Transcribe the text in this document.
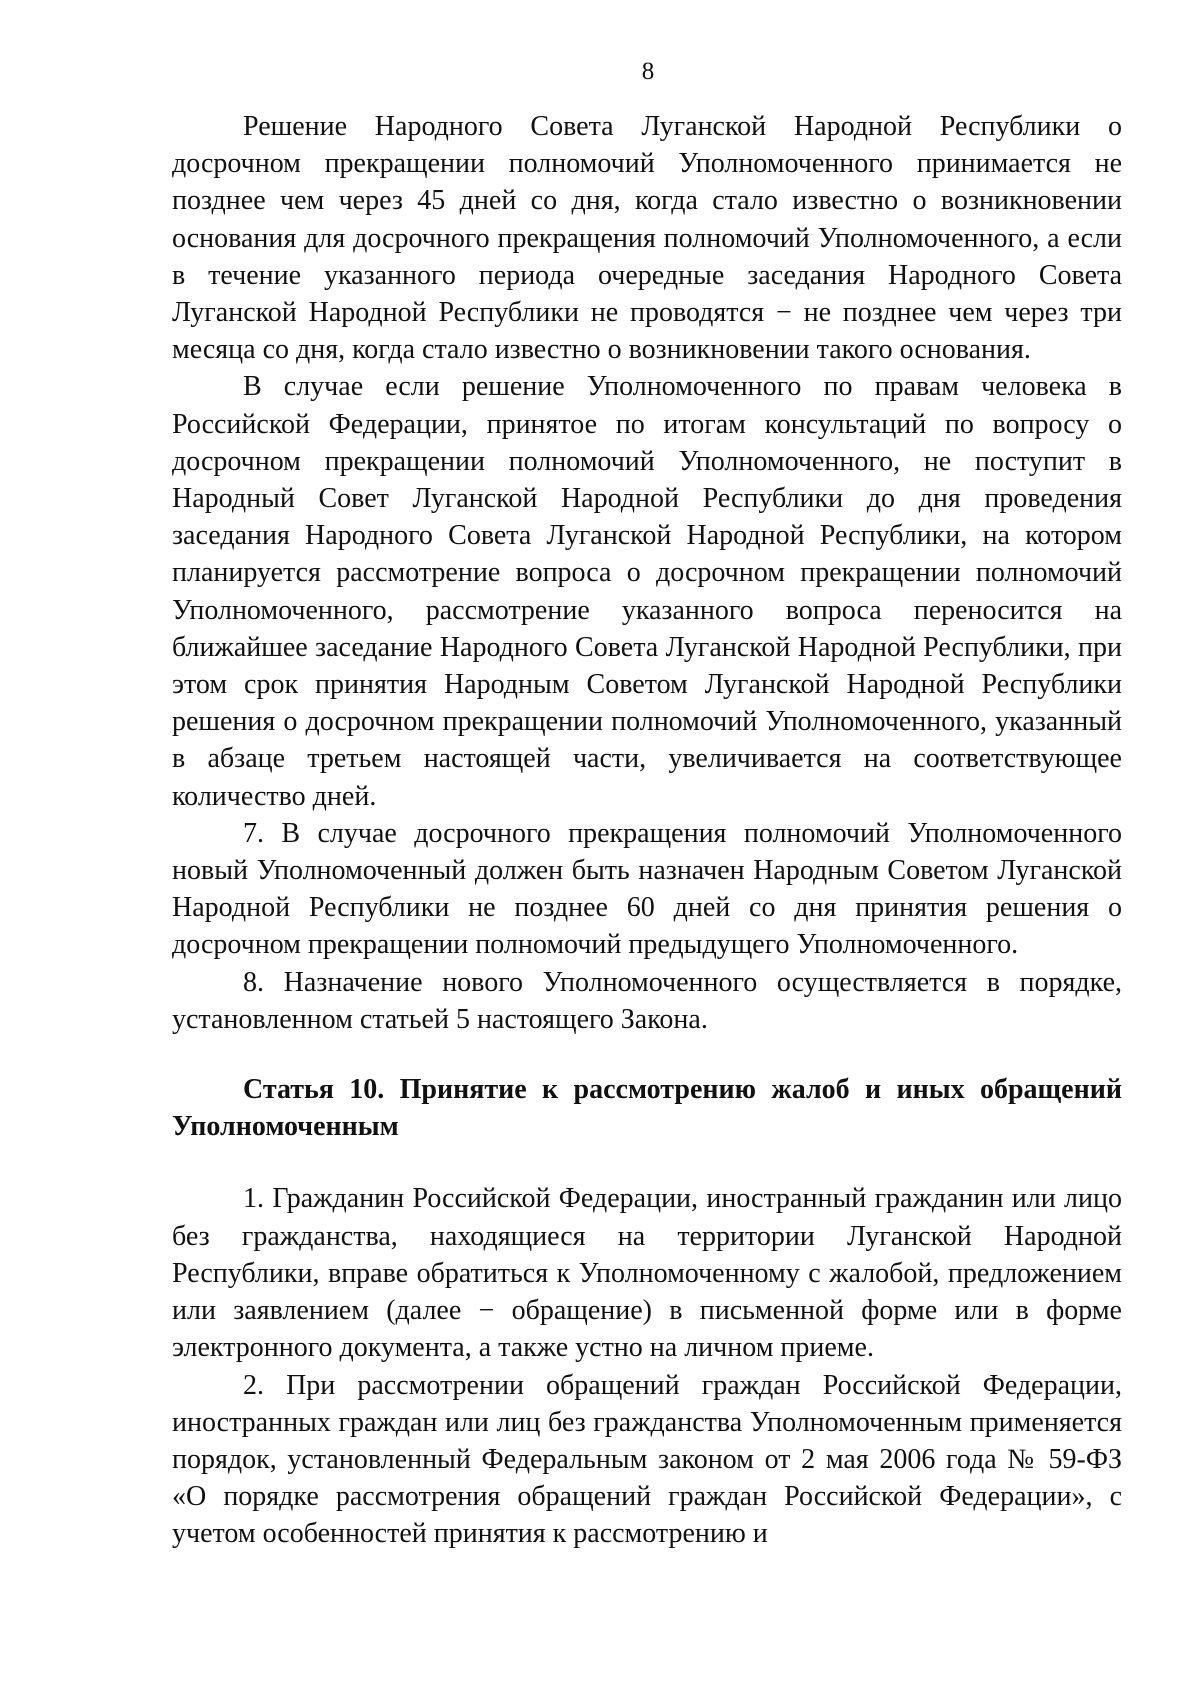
8

Решение Народного Совета Луганской Народной Республики о досрочном прекращении полномочий Уполномоченного принимается не позднее чем через 45 дней со дня, когда стало известно о возникновении основания для досрочного прекращения полномочий Уполномоченного, а если в течение указанного периода очередные заседания Народного Совета Луганской Народной Республики не проводятся − не позднее чем через три месяца со дня, когда стало известно о возникновении такого основания.

В случае если решение Уполномоченного по правам человека в Российской Федерации, принятое по итогам консультаций по вопросу о досрочном прекращении полномочий Уполномоченного, не поступит в Народный Совет Луганской Народной Республики до дня проведения заседания Народного Совета Луганской Народной Республики, на котором планируется рассмотрение вопроса о досрочном прекращении полномочий Уполномоченного, рассмотрение указанного вопроса переносится на ближайшее заседание Народного Совета Луганской Народной Республики, при этом срок принятия Народным Советом Луганской Народной Республики решения о досрочном прекращении полномочий Уполномоченного, указанный в абзаце третьем настоящей части, увеличивается на соответствующее количество дней.

7. В случае досрочного прекращения полномочий Уполномоченного новый Уполномоченный должен быть назначен Народным Советом Луганской Народной Республики не позднее 60 дней со дня принятия решения о досрочном прекращении полномочий предыдущего Уполномоченного.

8. Назначение нового Уполномоченного осуществляется в порядке, установленном статьей 5 настоящего Закона.

Статья 10. Принятие к рассмотрению жалоб и иных обращений Уполномоченным

1. Гражданин Российской Федерации, иностранный гражданин или лицо без гражданства, находящиеся на территории Луганской Народной Республики, вправе обратиться к Уполномоченному с жалобой, предложением или заявлением (далее − обращение) в письменной форме или в форме электронного документа, а также устно на личном приеме.

2. При рассмотрении обращений граждан Российской Федерации, иностранных граждан или лиц без гражданства Уполномоченным применяется порядок, установленный Федеральным законом от 2 мая 2006 года № 59-ФЗ «О порядке рассмотрения обращений граждан Российской Федерации», с учетом особенностей принятия к рассмотрению и
